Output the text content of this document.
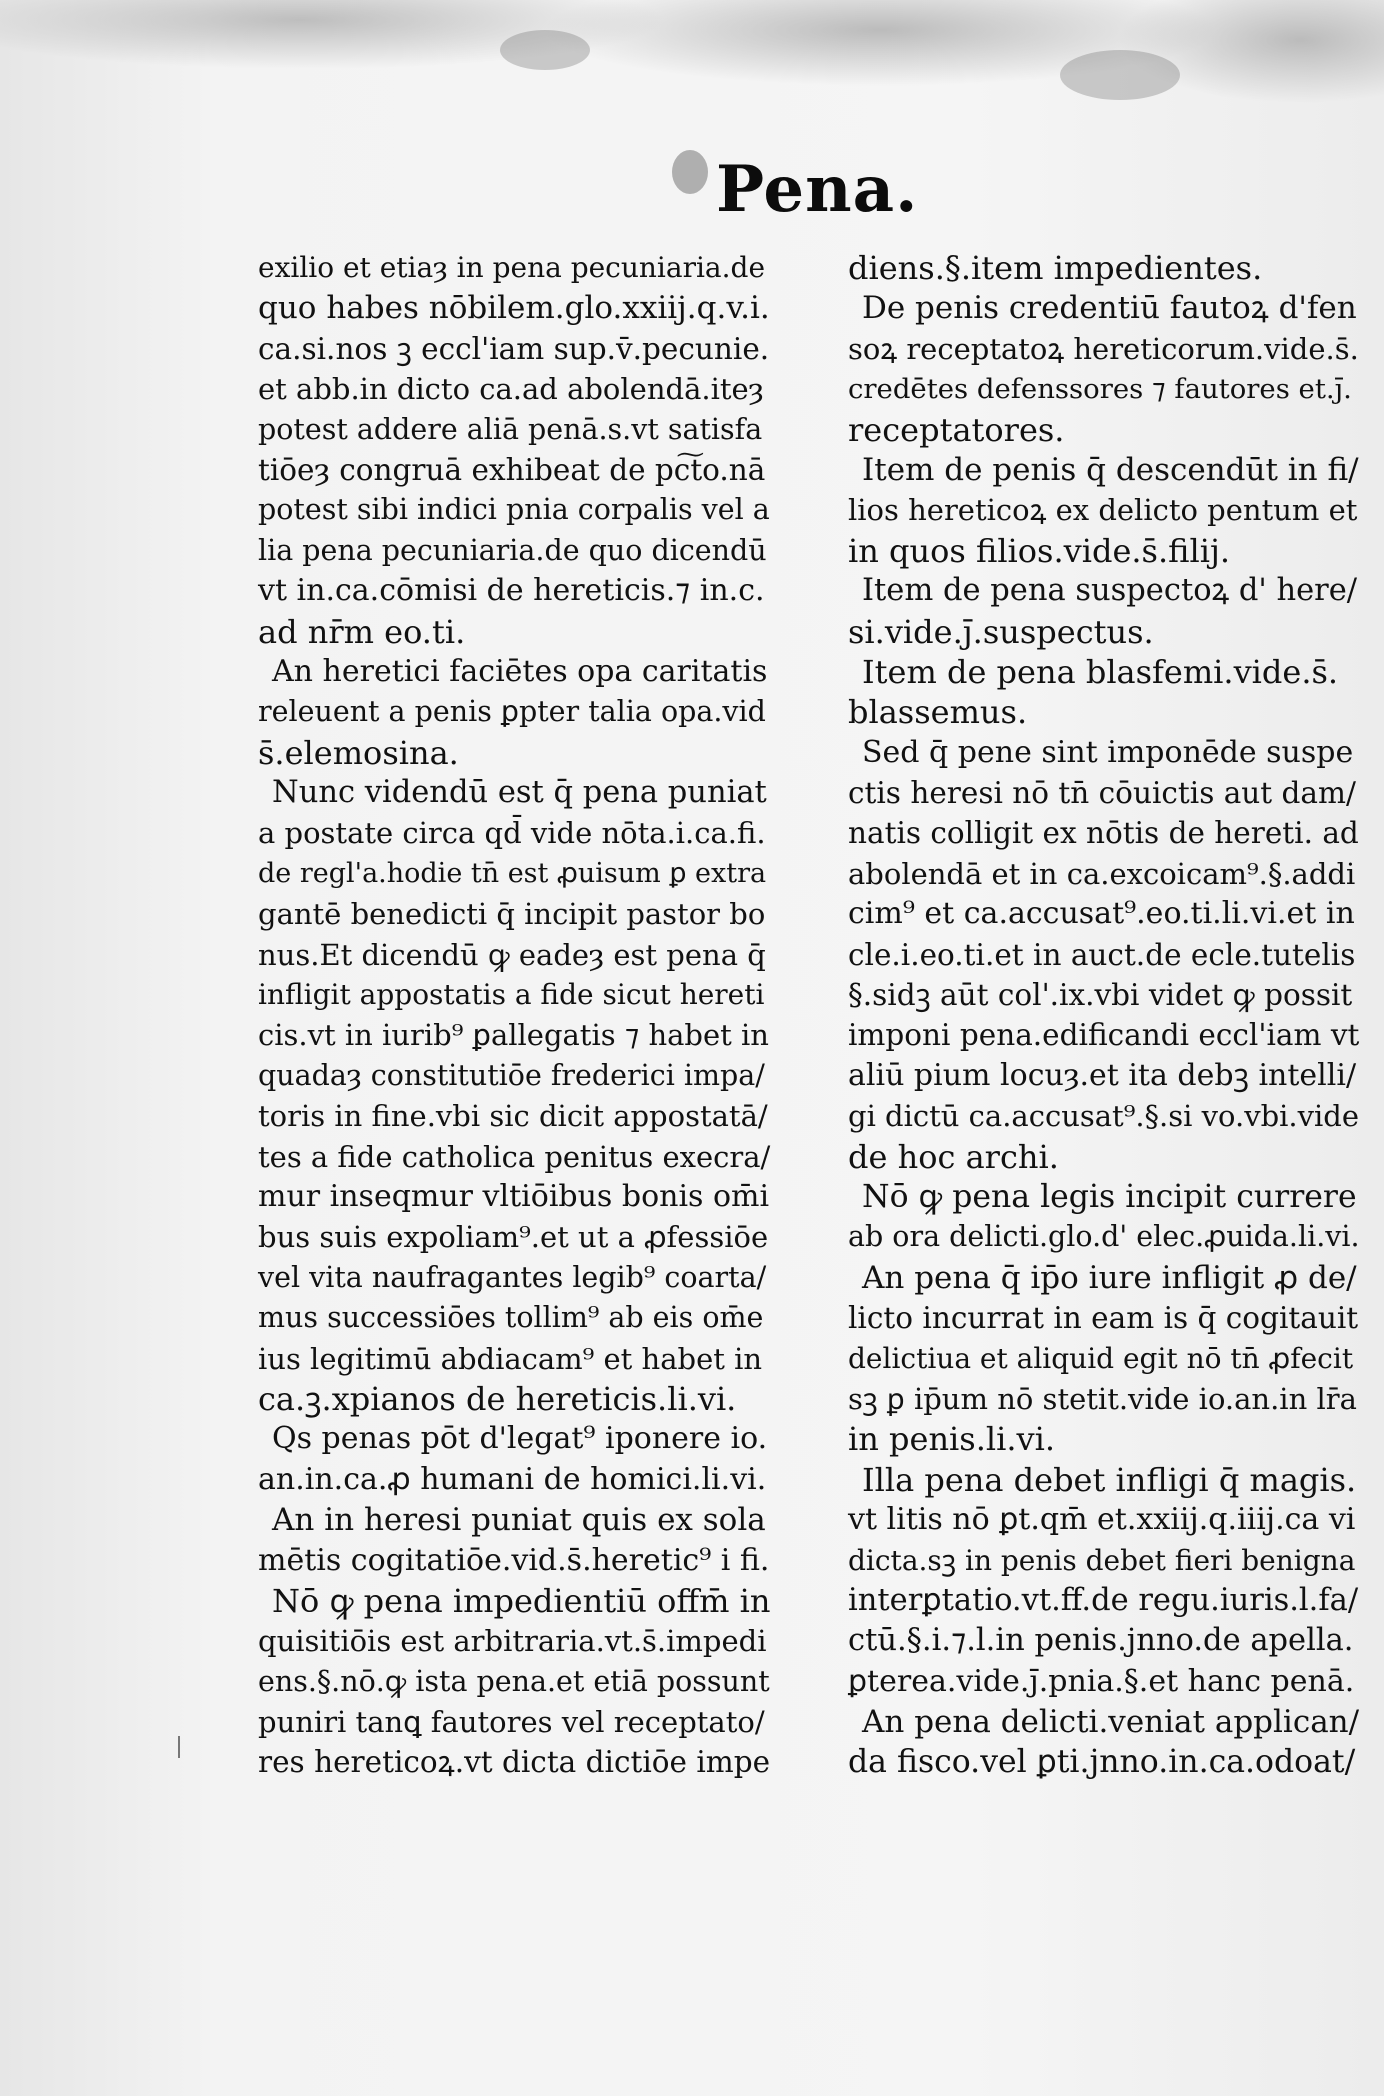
Pena.
exilio et etiaȝ in pena pecuniaria.de
quo habes nōbilem.glo.xxiij.q.v.i.
ca.si.nos ꝫ eccl'iam sup.v̄.pecunie.
et abb.in dicto ca.ad abolendā.iteȝ
potest addere aliā penā.s.vt satisfa
tiōeȝ congruā exhibeat de pc͠to.nā
potest sibi indici pnia corpalis vel a
lia pena pecuniaria.de quo dicendū
vt in.ca.cōmisi de hereticis.⁊ in.c.
ad nr̄m eo.ti.
An heretici faciētes opa caritatis
releuent a penis ꝑpter talia opa.vid
s̄.elemosina.
Nunc videndū est q̄ pena puniat
a postate circa qd̄ vide nōta.i.ca.fi.
de regl'a.hodie tn̄ est ꝓuisum ꝑ extra
gantē benedicti q̄ incipit pastor bo
nus.Et dicendū ꝙ eadeȝ est pena q̄
infligit appostatis a fide sicut hereti
cis.vt in iurib⁹ ꝑallegatis ⁊ habet in
quadaȝ constitutiōe frederici impa/
toris in fine.vbi sic dicit appostatā/
tes a fide catholica penitus execra/
mur inseqmur vltiōibus bonis om̄i
bus suis expoliam⁹.et ut a ꝓfessiōe
vel vita naufragantes legib⁹ coarta/
mus successiōes tollim⁹ ab eis om̄e
ius legitimū abdiacam⁹ et habet in
ca.ꝫ.xpianos de hereticis.li.vi.
Qs penas pōt d'legat⁹ iponere io.
an.in.ca.ꝓ humani de homici.li.vi.
An in heresi puniat quis ex sola
mētis cogitatiōe.vid.s̄.heretic⁹ i fi.
Nō ꝙ pena impedientiū offm̄ in
quisitiōis est arbitraria.vt.s̄.impedi
ens.§.nō.ꝙ ista pena.et etiā possunt
puniri tanꝗ fautores vel receptato/
res hereticoꝝ.vt dicta dictiōe impe
diens.§.item impedientes.
De penis credentiū fautoꝝ d'fen
soꝝ receptatoꝝ hereticorum.vide.s̄.
credētes defenssores ⁊ fautores et.j̄.
receptatores.
Item de penis q̄ descendūt in fi/
lios hereticoꝝ ex delicto pentum et
in quos filios.vide.s̄.filij.
Item de pena suspectoꝝ d' here/
si.vide.j̄.suspectus.
Item de pena blasfemi.vide.s̄.
blassemus.
Sed q̄ pene sint imponēde suspe
ctis heresi nō tn̄ cōuictis aut dam/
natis colligit ex nōtis de hereti. ad
abolendā et in ca.excoicam⁹.§.addi
cim⁹ et ca.accusat⁹.eo.ti.li.vi.et in
cle.i.eo.ti.et in auct.de ecle.tutelis
§.sidꝫ aūt col'.ix.vbi videt ꝙ possit
imponi pena.edificandi eccl'iam vt
aliū pium locuȝ.et ita debꝫ intelli/
gi dictū ca.accusat⁹.§.si vo.vbi.vide
de hoc archi.
Nō ꝙ pena legis incipit currere
ab ora delicti.glo.d' elec.ꝓuida.li.vi.
An pena q̄ ip̄o iure infligit ꝓ de/
licto incurrat in eam is q̄ cogitauit
delictiua et aliquid egit nō tn̄ ꝓfecit
sꝫ ꝑ ip̄um nō stetit.vide io.an.in lr̄a
in penis.li.vi.
Illa pena debet infligi q̄ magis.
vt litis nō ꝑt.qm̄ et.xxiij.q.iiij.ca vi
dicta.sꝫ in penis debet fieri benigna
interꝑtatio.vt.ff.de regu.iuris.l.fa/
ctū.§.i.⁊.l.in penis.jnno.de apella.
ꝑterea.vide.j̄.pnia.§.et hanc penā.
An pena delicti.veniat applican/
da fisco.vel ꝑti.jnno.in.ca.odoat/
